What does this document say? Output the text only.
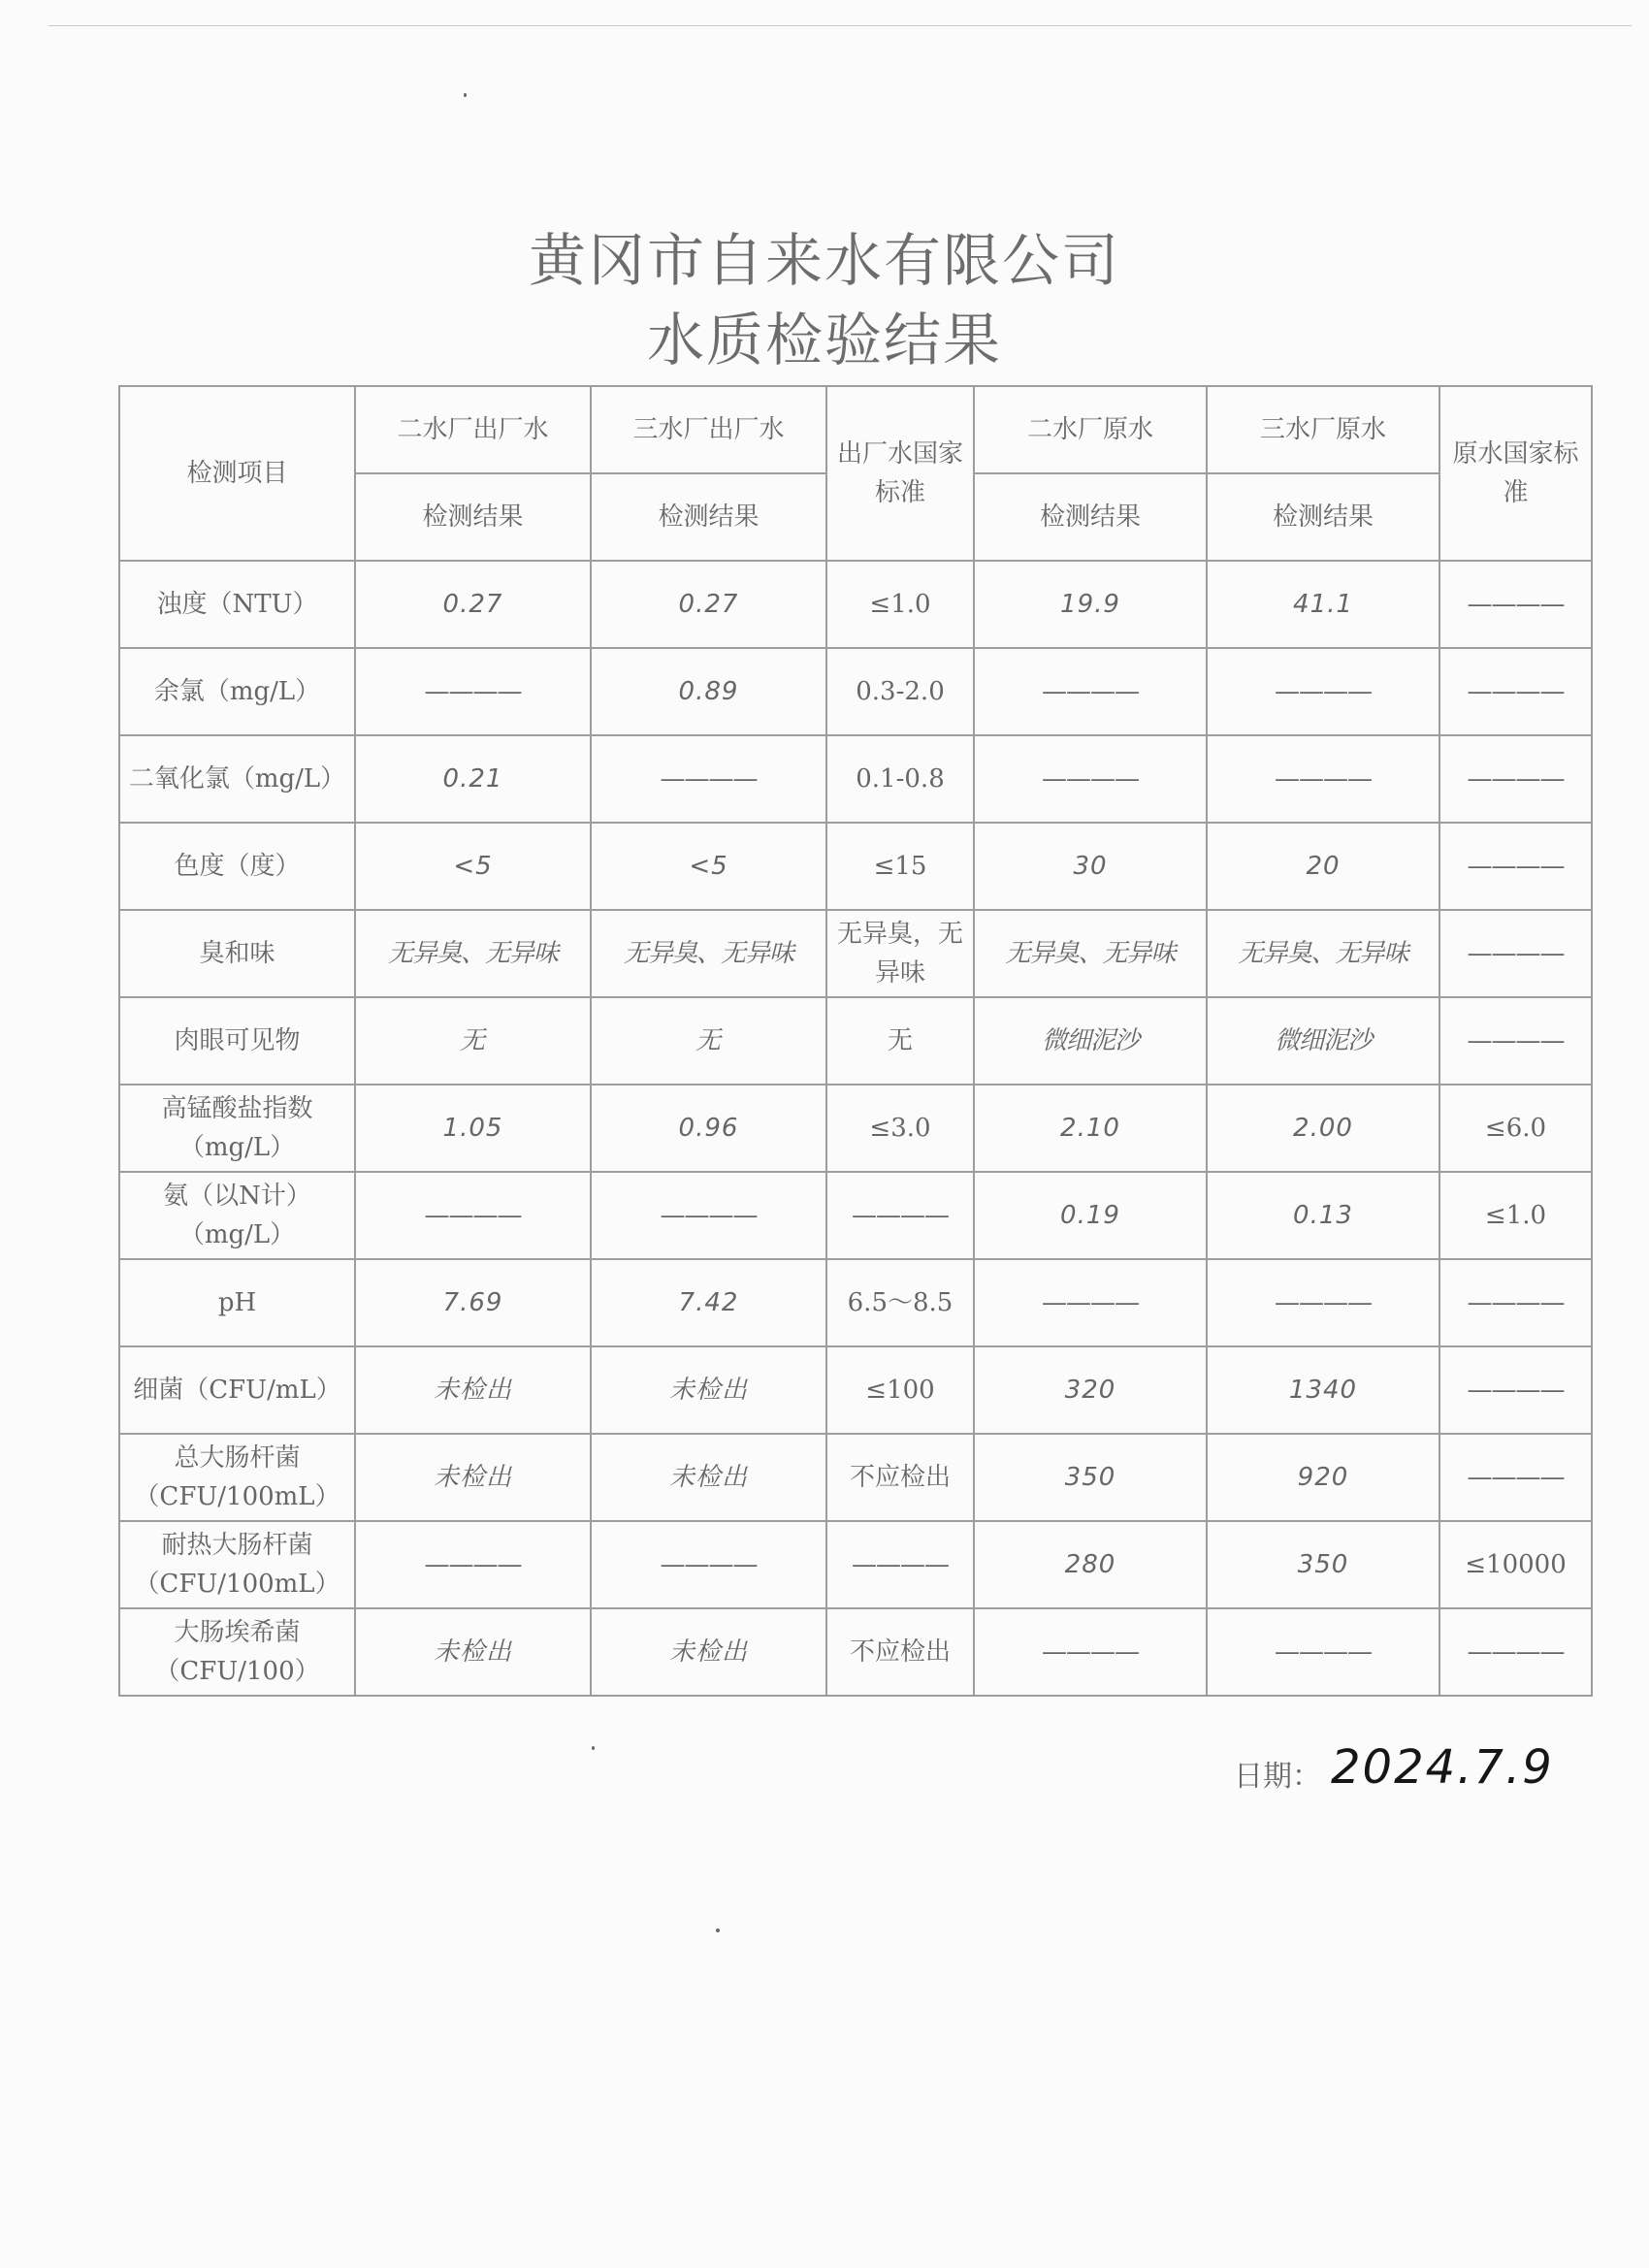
黄冈市自来水有限公司
水质检验结果
检测项目	二水厂出厂水	三水厂出厂水	出厂水国家标准	二水厂原水	三水厂原水	原水国家标准
	检测结果	检测结果		检测结果	检测结果	
浊度（NTU）	0.27	0.27	≤1.0	19.9	41.1	————
余氯（mg/L）	————	0.89	0.3-2.0	————	————	————
二氧化氯（mg/L）	0.21	————	0.1-0.8	————	————	————
色度（度）	<5	<5	≤15	30	20	————
臭和味	无异臭、无异味	无异臭、无异味	无异臭，无异味	无异臭、无异味	无异臭、无异味	————
肉眼可见物	无	无	无	微细泥沙	微细泥沙	————
高锰酸盐指数（mg/L）	1.05	0.96	≤3.0	2.10	2.00	≤6.0
氨（以N计）（mg/L）	————	————	————	0.19	0.13	≤1.0
pH	7.69	7.42	6.5～8.5	————	————	————
细菌（CFU/mL）	未检出	未检出	≤100	320	1340	————
总大肠杆菌（CFU/100mL）	未检出	未检出	不应检出	350	920	————
耐热大肠杆菌（CFU/100mL）	————	————	————	280	350	≤10000
大肠埃希菌（CFU/100）	未检出	未检出	不应检出	————	————	————
日期： 2024.7.9
